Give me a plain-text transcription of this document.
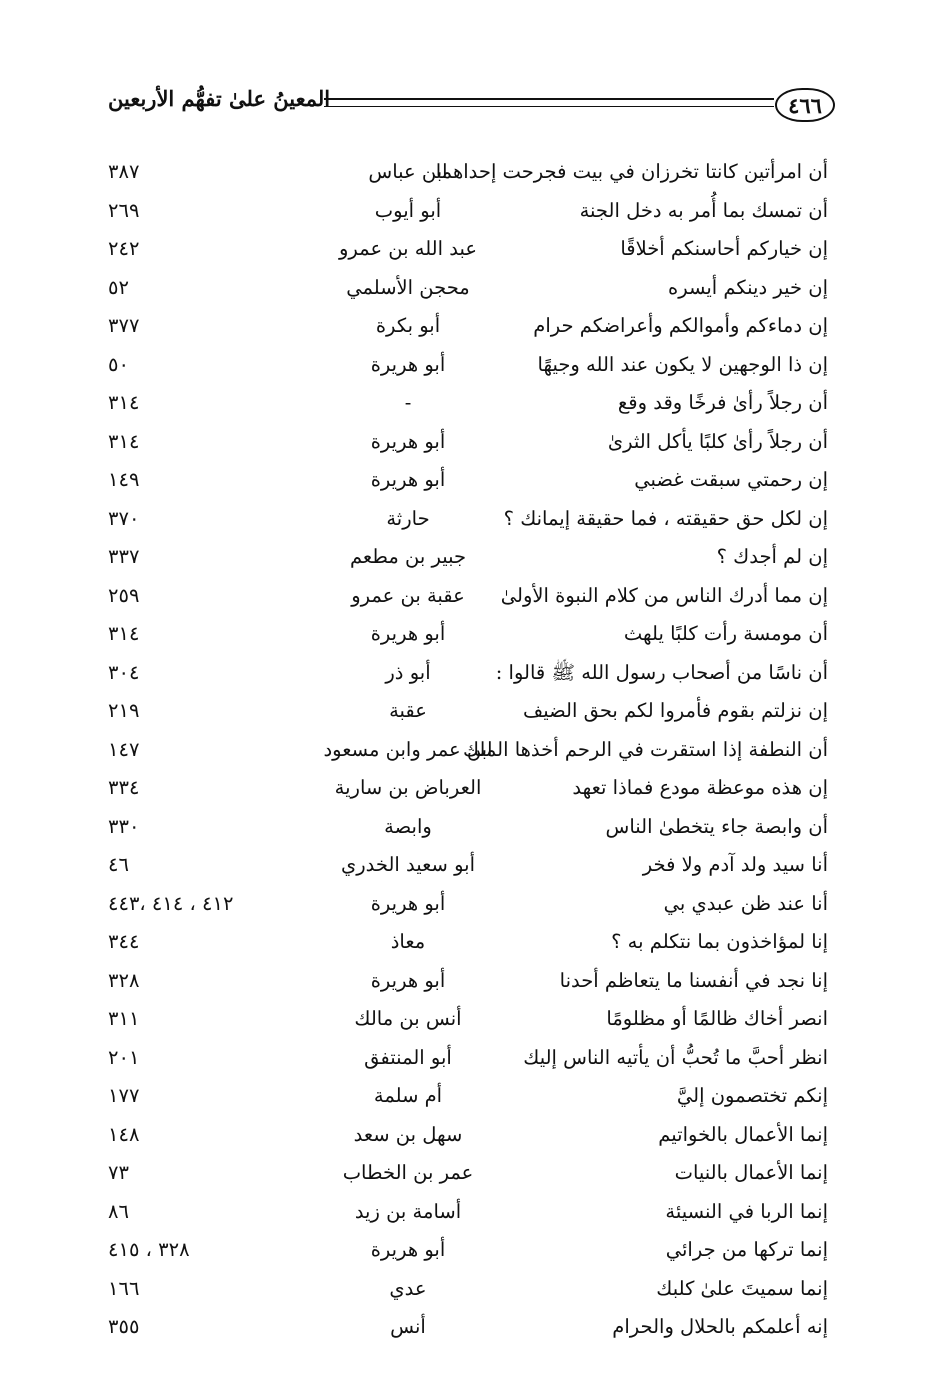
٤٦٦
المعينُ علىٰ تفهُّم الأربعين
أن امرأتين كانتا تخرزان في بيت فجرحت إحداهما
ابن عباس
٣٨٧
أن تمسك بما أُمر به دخل الجنة
أبو أيوب
٢٦٩
إن خياركم أحاسنكم أخلاقًا
عبد الله بن عمرو
٢٤٢
إن خير دينكم أيسره
محجن الأسلمي
٥٢
إن دماءكم وأموالكم وأعراضكم حرام
أبو بكرة
٣٧٧
إن ذا الوجهين لا يكون عند الله وجيهًا
أبو هريرة
٥٠
أن رجلاً رأىٰ فرخًا وقد وقع
-
٣١٤
أن رجلاً رأىٰ كلبًا يأكل الثرىٰ
أبو هريرة
٣١٤
إن رحمتي سبقت غضبي
أبو هريرة
١٤٩
إن لكل حق حقيقته ، فما حقيقة إيمانك ؟
حارثة
٣٧٠
إن لم أجدك ؟
جبير بن مطعم
٣٣٧
إن مما أدرك الناس من كلام النبوة الأولىٰ
عقبة بن عمرو
٢٥٩
أن مومسة رأت كلبًا يلهث
أبو هريرة
٣١٤
أن ناسًا من أصحاب رسول الله ﷺ قالوا :
أبو ذر
٣٠٤
إن نزلتم بقوم فأمروا لكم بحق الضيف
عقبة
٢١٩
أن النطفة إذا استقرت في الرحم أخذها الملك
ابن عمر وابن مسعود
١٤٧
إن هذه موعظة مودع فماذا تعهد
العرباض بن سارية
٣٣٤
أن وابصة جاء يتخطىٰ الناس
وابصة
٣٣٠
أنا سيد ولد آدم ولا فخر
أبو سعيد الخدري
٤٦
أنا عند ظن عبدي بي
أبو هريرة
٤١٢ ، ٤١٤ ،٤٤٣
إنا لمؤاخذون بما نتكلم به ؟
معاذ
٣٤٤
إنا نجد في أنفسنا ما يتعاظم أحدنا
أبو هريرة
٣٢٨
انصر أخاك ظالمًا أو مظلومًا
أنس بن مالك
٣١١
انظر أحبَّ ما تُحبُّ أن يأتيه الناس إليك
أبو المنتفق
٢٠١
إنكم تختصمون إليَّ
أم سلمة
١٧٧
إنما الأعمال بالخواتيم
سهل بن سعد
١٤٨
إنما الأعمال بالنيات
عمر بن الخطاب
٧٣
إنما الربا في النسيئة
أسامة بن زيد
٨٦
إنما تركها من جرائي
أبو هريرة
٣٢٨ ، ٤١٥
إنما سميتَ علىٰ كلبك
عدي
١٦٦
إنه أعلمكم بالحلال والحرام
أنس
٣٥٥
